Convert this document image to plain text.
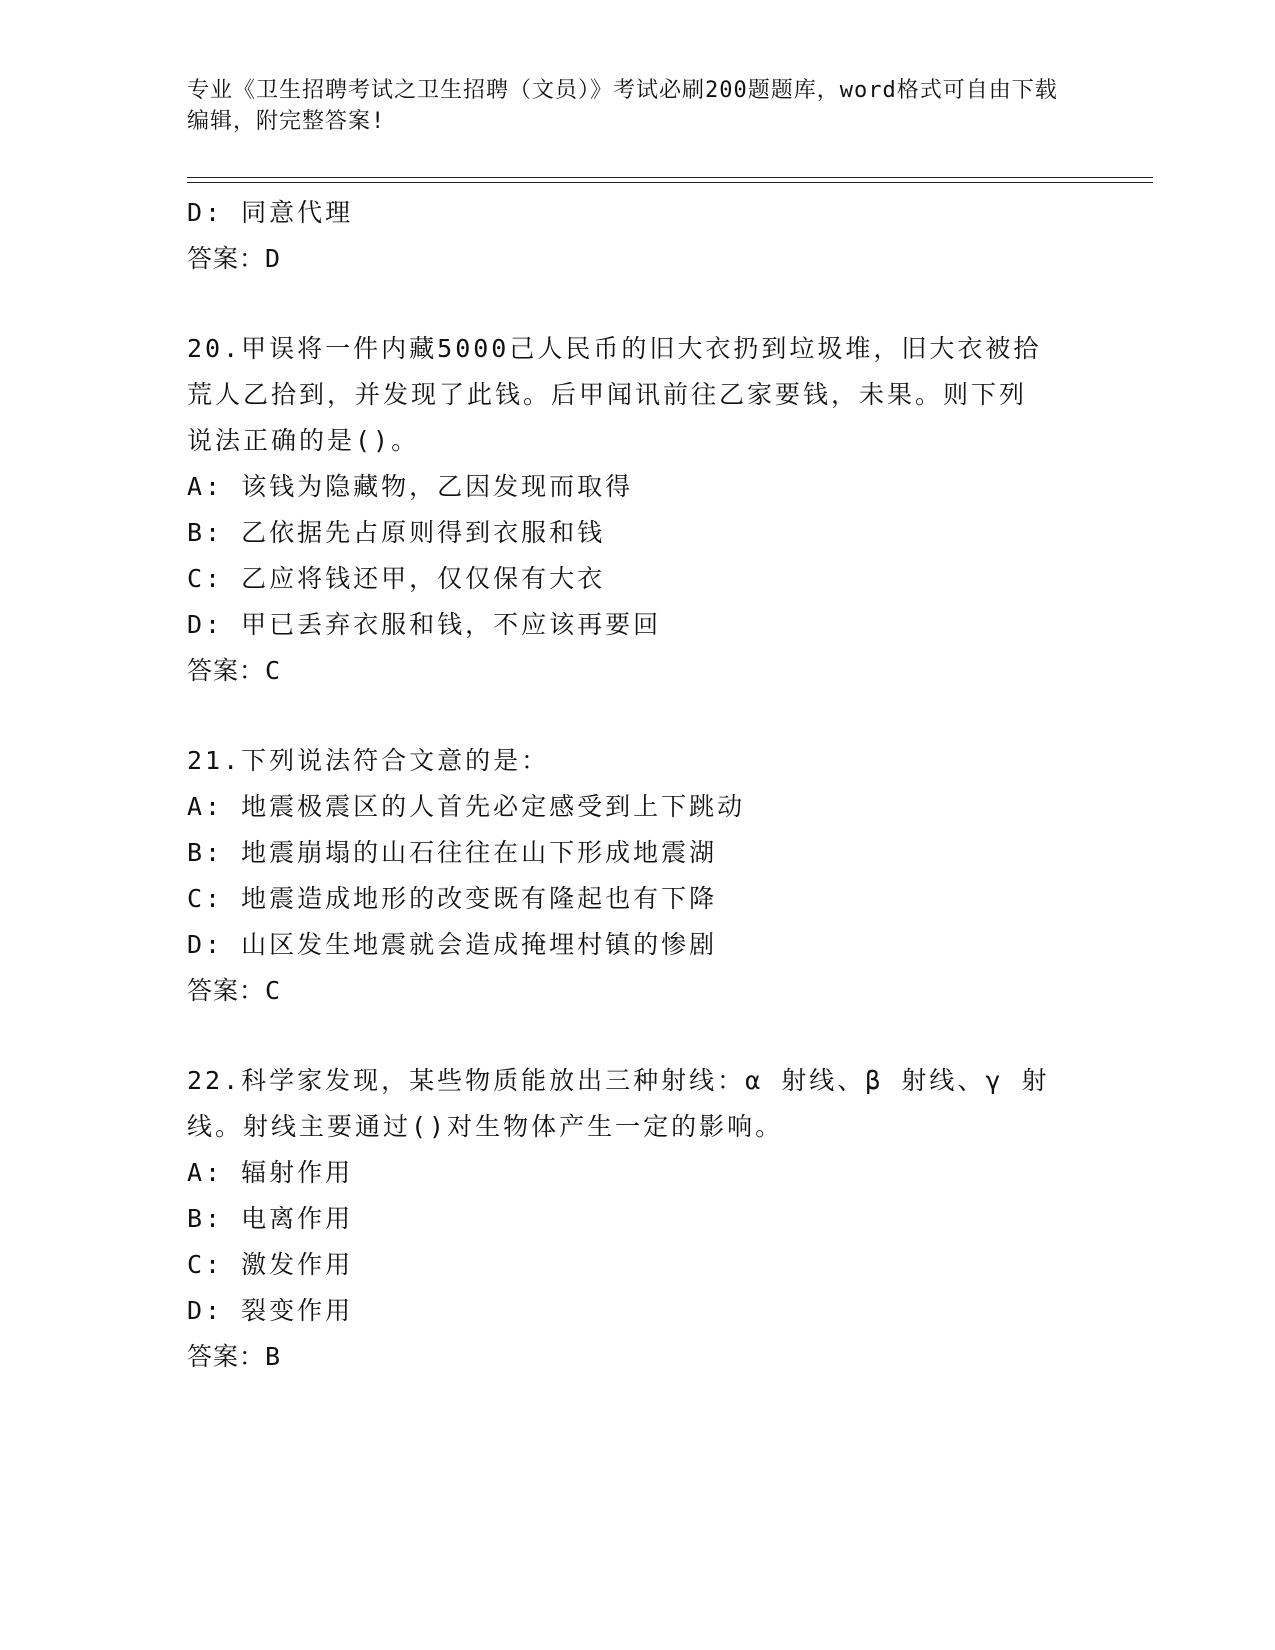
专业《卫生招聘考试之卫生招聘（文员）》考试必刷200题题库，word格式可自由下载编辑，附完整答案!
D: 同意代理
答案：D
20.甲误将一件内藏5000己人民币的旧大衣扔到垃圾堆，旧大衣被拾
荒人乙拾到，并发现了此钱。后甲闻讯前往乙家要钱，未果。则下列
说法正确的是()。
A: 该钱为隐藏物，乙因发现而取得
B: 乙依据先占原则得到衣服和钱
C: 乙应将钱还甲，仅仅保有大衣
D: 甲已丢弃衣服和钱，不应该再要回
答案：C
21.下列说法符合文意的是：
A: 地震极震区的人首先必定感受到上下跳动
B: 地震崩塌的山石往往在山下形成地震湖
C: 地震造成地形的改变既有隆起也有下降
D: 山区发生地震就会造成掩埋村镇的惨剧
答案：C
22.科学家发现，某些物质能放出三种射线：α 射线、β 射线、γ 射
线。射线主要通过()对生物体产生一定的影响。
A: 辐射作用
B: 电离作用
C: 激发作用
D: 裂变作用
答案：B
